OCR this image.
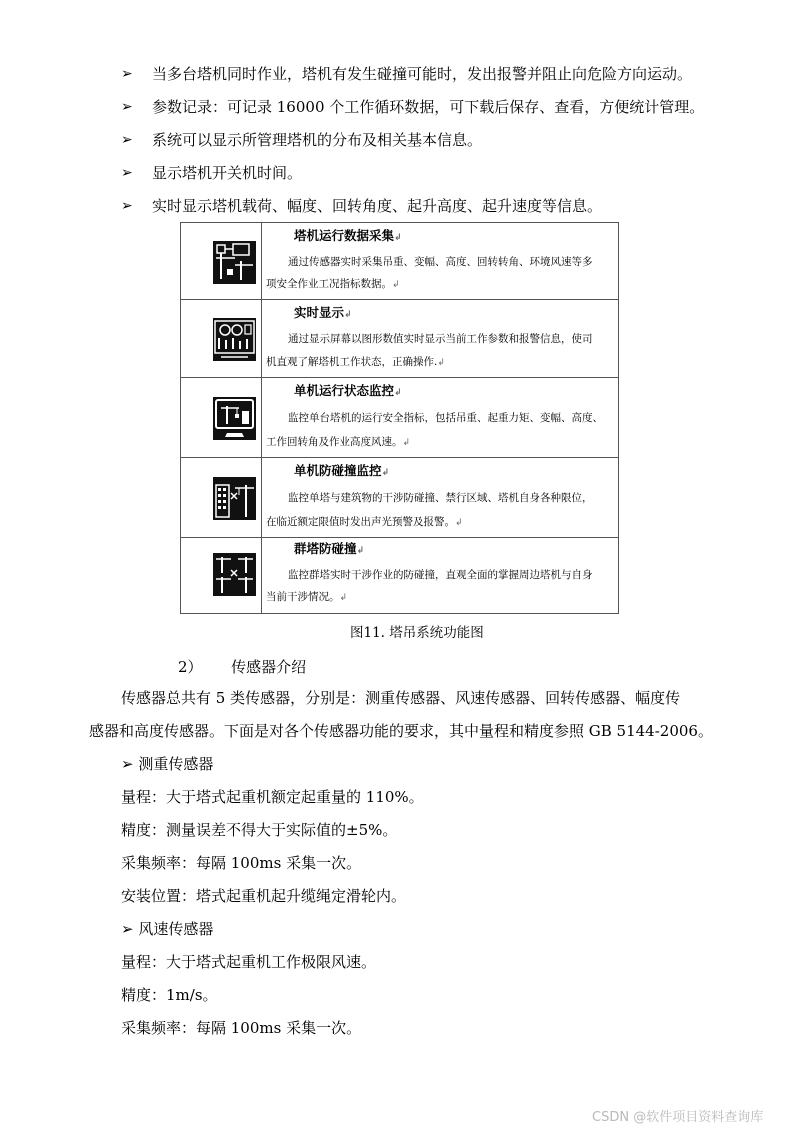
➢ 当多台塔机同时作业，塔机有发生碰撞可能时，发出报警并阻止向危险方向运动。
➢ 参数记录：可记录 16000 个工作循环数据，可下载后保存、查看，方便统计管理。
➢ 系统可以显示所管理塔机的分布及相关基本信息。
➢ 显示塔机开关机时间。
➢ 实时显示塔机载荷、幅度、回转角度、起升高度、起升速度等信息。
塔机运行数据采集↲
通过传感器实时采集吊重、变幅、高度、回转转角、环境风速等多
项安全作业工况指标数据。↲
实时显示↲
通过显示屏幕以图形数值实时显示当前工作参数和报警信息，使司
机直观了解塔机工作状态，正确操作.↲
单机运行状态监控↲
监控单台塔机的运行安全指标，包括吊重、起重力矩、变幅、高度、
工作回转角及作业高度风速。↲
单机防碰撞监控↲
监控单塔与建筑物的干涉防碰撞、禁行区域、塔机自身各种限位，
在临近额定限值时发出声光预警及报警。↲
群塔防碰撞↲
监控群塔实时干涉作业的防碰撞，直观全面的掌握周边塔机与自身
当前干涉情况。↲
图11. 塔吊系统功能图
2）      传感器介绍
传感器总共有 5 类传感器，分别是：测重传感器、风速传感器、回转传感器、幅度传
感器和高度传感器。下面是对各个传感器功能的要求，其中量程和精度参照 GB 5144-2006。
➢ 测重传感器
量程：大于塔式起重机额定起重量的 110%。
精度：测量误差不得大于实际值的±5%。
采集频率：每隔 100ms 采集一次。
安装位置：塔式起重机起升缆绳定滑轮内。
➢ 风速传感器
量程：大于塔式起重机工作极限风速。
精度：1m/s。
采集频率：每隔 100ms 采集一次。
CSDN @软件项目资料查询库
